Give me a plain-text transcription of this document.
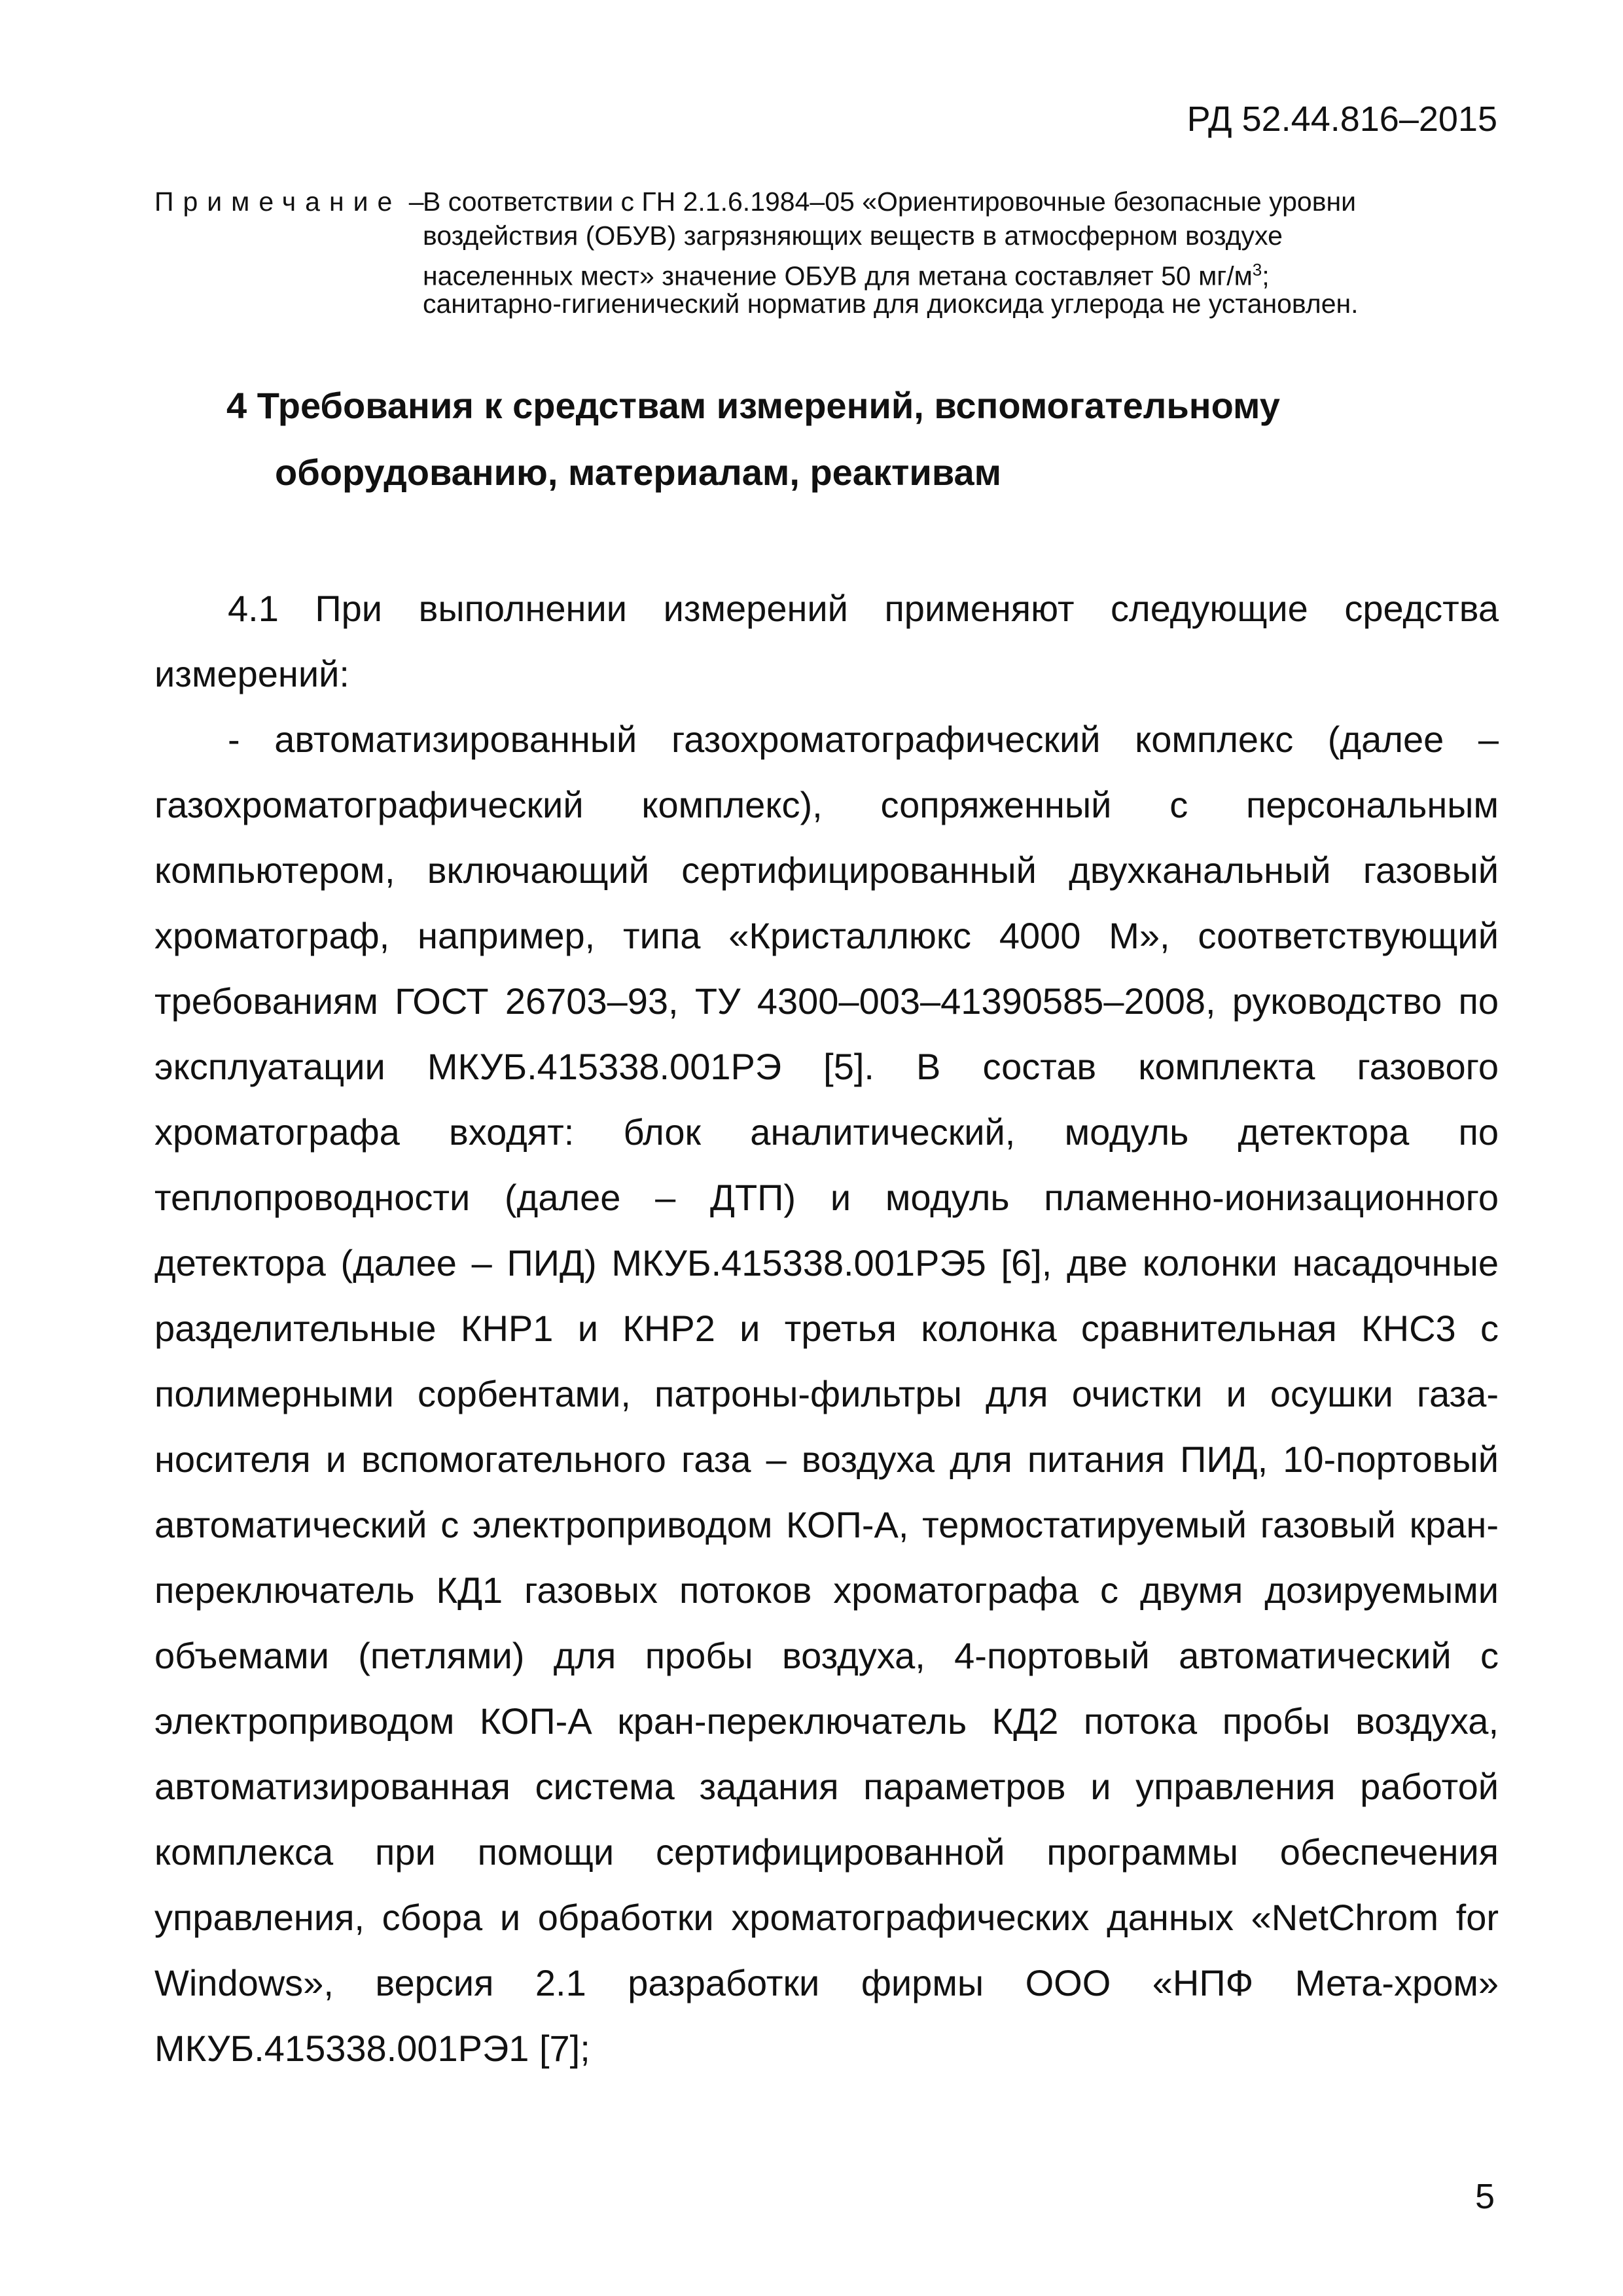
РД 52.44.816–2015
Примечание –
В соответствии с ГН 2.1.6.1984–05 «Ориентировочные безопасные уровни
воздействия (ОБУВ) загрязняющих веществ в атмосферном воздухе
населенных мест» значение ОБУВ для метана составляет 50 $мг/м^3$;
санитарно-гигиенический норматив для диоксида углерода не установлен.
4 Требования к средствам измерений, вспомогательному
оборудованию, материалам, реактивам

4.1 При выполнении измерений применяют следующие средства измерений:

- автоматизированный газохроматографический комплекс (далее – газохроматографический комплекс), сопряженный с персональным компьютером, включающий сертифицированный двухканальный газовый хроматограф, например, типа «Кристаллюкс 4000 М», соответствующий требованиям ГОСТ 26703–93, ТУ 4300–003–41390585–2008, руководство по эксплуатации МКУБ.415338.001РЭ [5]. В состав комплекта газового хроматографа входят: блок аналитический, модуль детектора по теплопроводности (далее – ДТП) и модуль пламенно-ионизационного детектора (далее – ПИД) МКУБ.415338.001РЭ5 [6], две колонки насадочные разделительные КНР1 и КНР2 и третья колонка сравнительная КНС3 с полимерными сорбентами, патроны-фильтры для очистки и осушки газа-носителя и вспомогательного газа – воздуха для питания ПИД, 10-портовый автоматический с электроприводом КОП-А, термостатируемый газовый кран-переключатель КД1 газовых потоков хроматографа с двумя дозируемыми объемами (петлями) для пробы воздуха, 4-портовый автоматический с электроприводом КОП-А кран-переключатель КД2 потока пробы воздуха, автоматизированная система задания параметров и управления работой комплекса при помощи сертифицированной программы обеспечения управления, сбора и обработки хроматографических данных «NetChrom for Windows», версия 2.1 разработки фирмы ООО «НПФ Мета-хром» МКУБ.415338.001РЭ1 [7];

5
